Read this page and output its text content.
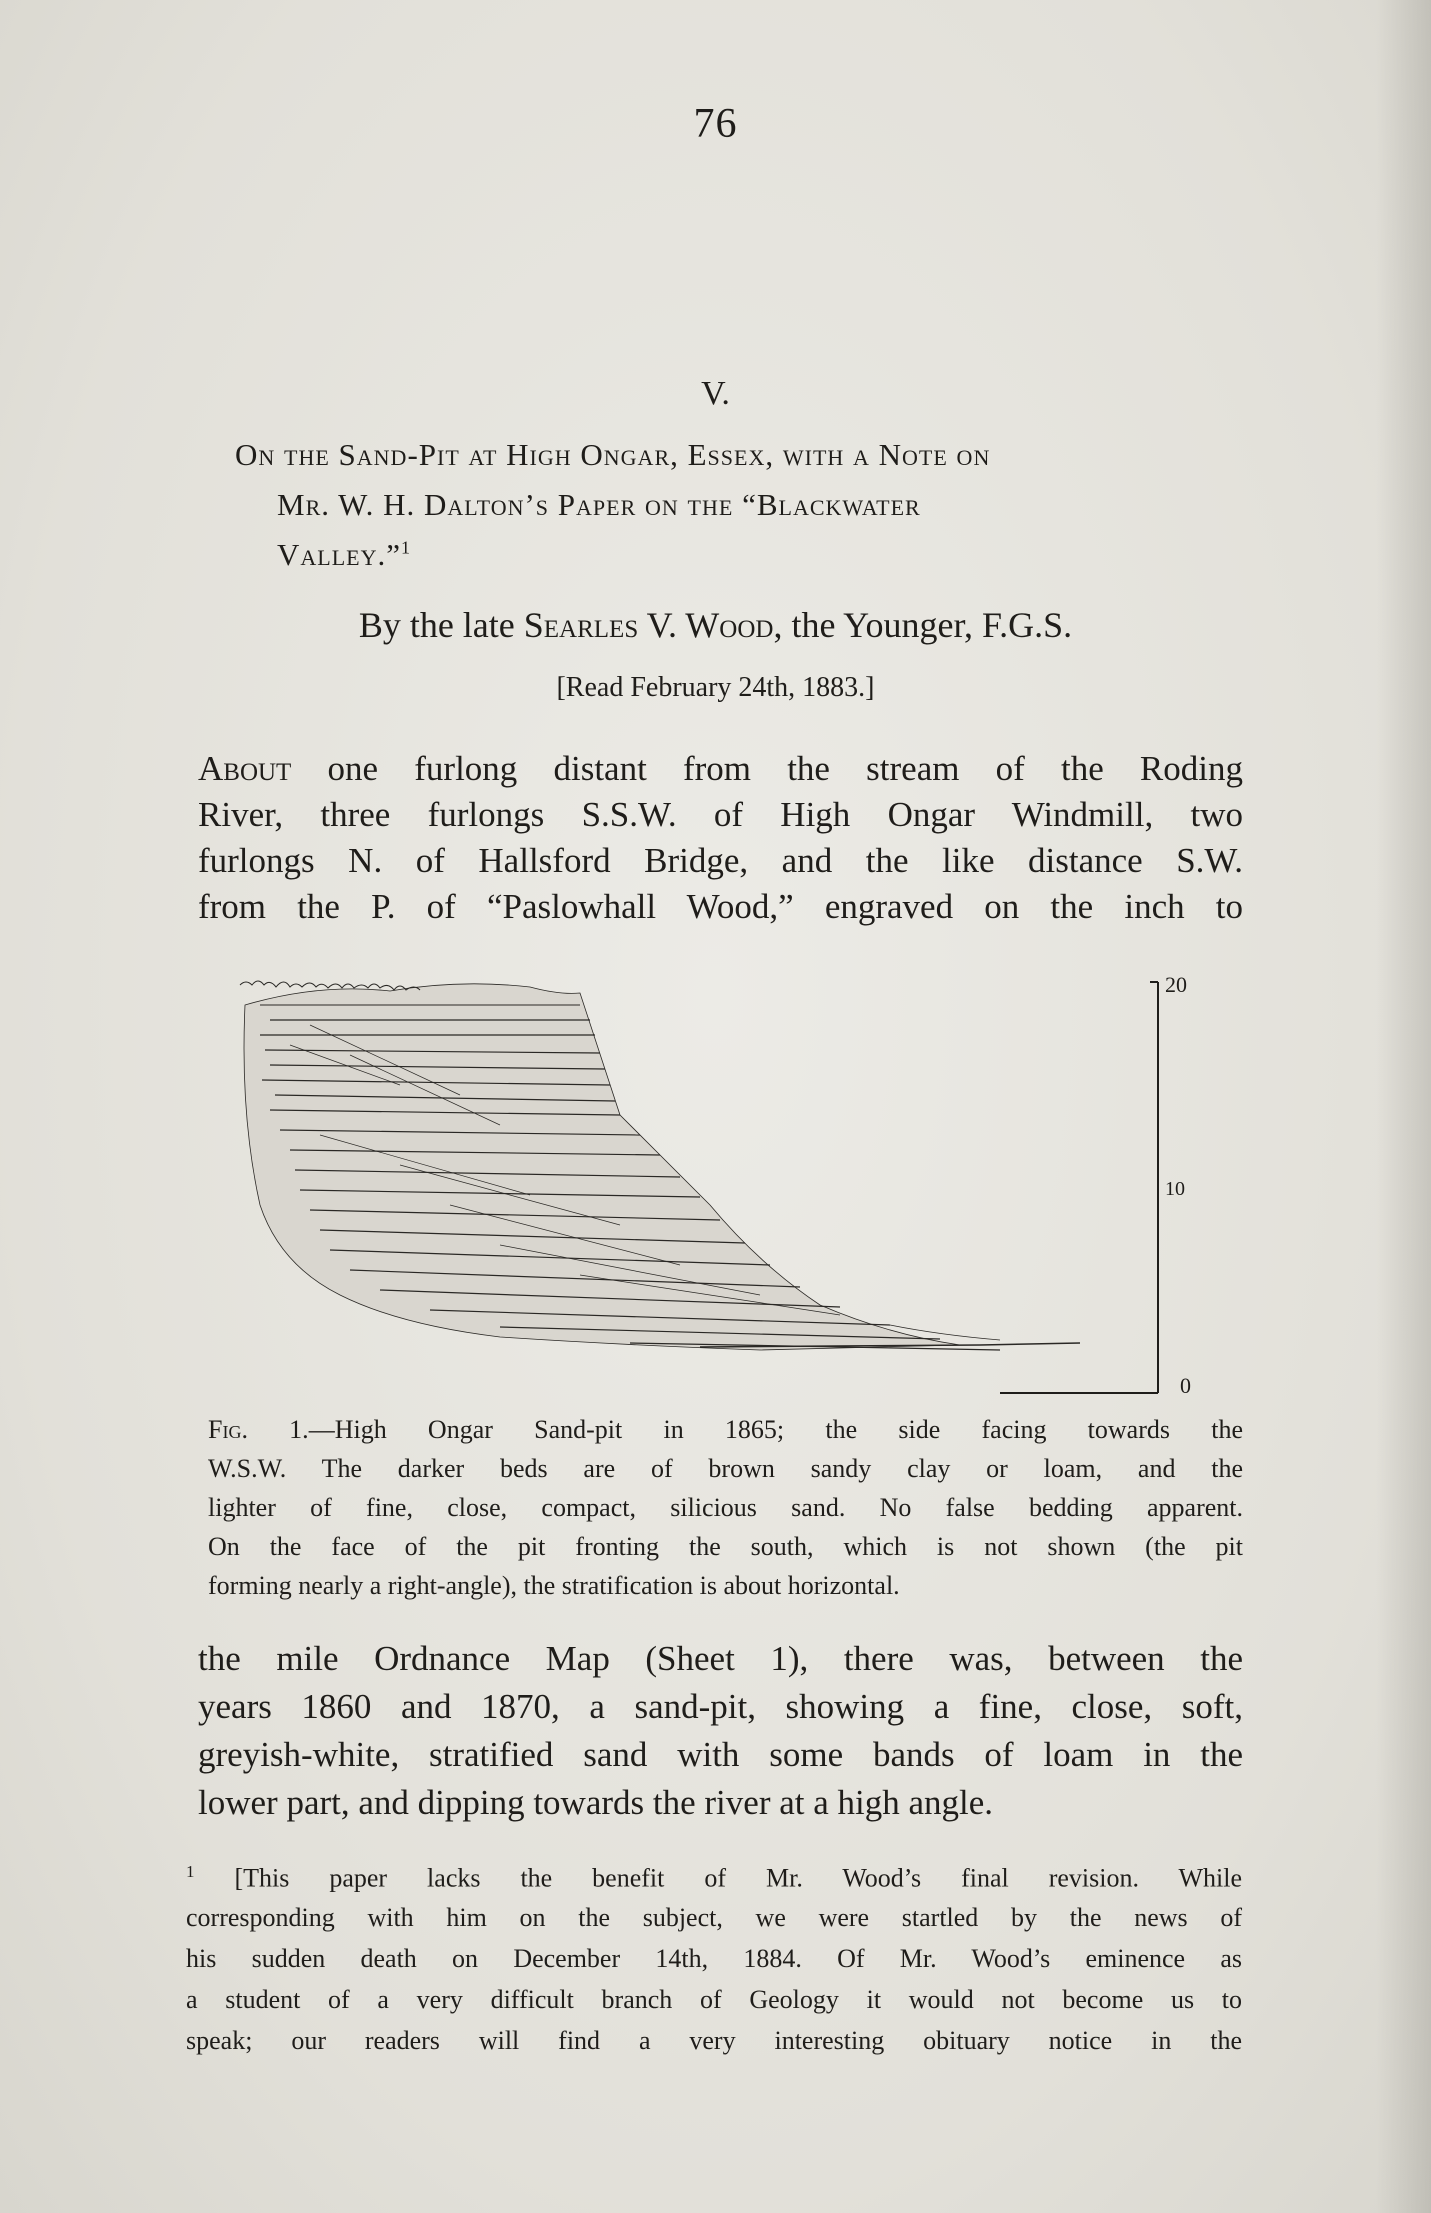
76
V.
On the Sand-Pit at High Ongar, Essex, with a Note on
Mr. W. H. Dalton’s Paper on the “Blackwater
Valley.”$^1$
By the late Searles V. Wood, the Younger, F.G.S.
[Read February 24th, 1883.]
About one furlong distant from the stream of the Roding
River, three furlongs S.S.W. of High Ongar Windmill, two
furlongs N. of Hallsford Bridge, and the like distance S.W.
from the P. of “Paslowhall Wood,” engraved on the inch to
20
10
0
Fig. 1.—High Ongar Sand-pit in 1865; the side facing towards the
W.S.W. The darker beds are of brown sandy clay or loam, and the
lighter of fine, close, compact, silicious sand. No false bedding apparent.
On the face of the pit fronting the south, which is not shown (the pit
forming nearly a right-angle), the stratification is about horizontal.
the mile Ordnance Map (Sheet 1), there was, between the
years 1860 and 1870, a sand-pit, showing a fine, close, soft,
greyish-white, stratified sand with some bands of loam in the
lower part, and dipping towards the river at a high angle.
$^1$ [This paper lacks the benefit of Mr. Wood’s final revision. While
corresponding with him on the subject, we were startled by the news of
his sudden death on December 14th, 1884. Of Mr. Wood’s eminence as
a student of a very difficult branch of Geology it would not become us to
speak; our readers will find a very interesting obituary notice in the
